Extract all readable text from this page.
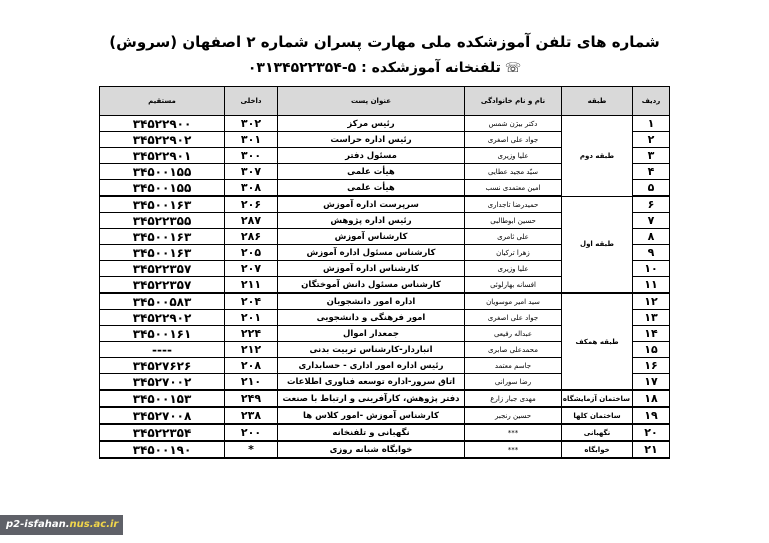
شماره های تلفن آموزشکده ملی مهارت پسران شماره ۲ اصفهان (سروش)
☏تلفنخانه آموزشکده : ۵-۰۳۱۳۴۵۲۲۳۵۴
ردیف	طبقه	نام و نام خانوادگی	عنوان پست	داخلی	مستقیم
۱	طبقه دوم	دکتر بیژن شمس	رئیس مرکز	۳۰۲	۳۴۵۲۲۹۰۰
۲		جواد علی اصغری	رئیس اداره حراست	۳۰۱	۳۴۵۲۲۹۰۲
۳		علیا وزیری	مسئول دفتر	۳۰۰	۳۴۵۲۲۹۰۱
۴		سیّد مجید عطایی	هیأت علمی	۳۰۷	۳۴۵۰۰۱۵۵
۵		امین معتمدی نسب	هیأت علمی	۳۰۸	۳۴۵۰۰۱۵۵
۶	طبقه اول	حمیدرضا تاجداری	سرپرست اداره آموزش	۲۰۶	۳۴۵۰۰۱۶۳
۷		حسین ابوطالبی	رئیس اداره پژوهش	۲۸۷	۳۴۵۲۲۳۵۵
۸		علی ثامری	کارشناس آموزش	۲۸۶	۳۴۵۰۰۱۶۳
۹		زهرا ترکیان	کارشناس مسئول اداره آموزش	۲۰۵	۳۴۵۰۰۱۶۳
۱۰		علیا وزیری	کارشناس اداره آموزش	۲۰۷	۳۴۵۲۲۳۵۷
۱۱		افسانه بهارلوئی	کارشناس مسئول دانش آموختگان	۲۱۱	۳۴۵۲۲۳۵۷
۱۲	طبقه همکف	سید امیر موسویان	اداره امور دانشجویان	۲۰۴	۳۴۵۰۰۵۸۳
۱۳		جواد علی اصغری	امور فرهنگی و دانشجویی	۲۰۱	۳۴۵۲۲۹۰۲
۱۴		عبداله رفیعی	جمعدار اموال	۲۲۴	۳۴۵۰۰۱۶۱
۱۵		محمدعلی صابری	انباردار-کارشناس تربیت بدنی	۲۱۲	----
۱۶		جاسم معتمد	رئیس اداره امور اداری - حسابداری	۲۰۸	۳۴۵۲۷۶۲۶
۱۷		رضا سورانی	اتاق سرور-اداره توسعه فناوری اطلاعات	۲۱۰	۳۴۵۲۷۰۰۲
۱۸	ساختمان آزمایشگاه	مهدی جبار زارع	دفتر پژوهش، کارآفرینی و ارتباط با صنعت	۲۴۹	۳۴۵۰۰۱۵۳
۱۹	ساختمان کلها	حسین رنجبر	کارشناس آموزش -امور کلاس ها	۲۳۸	۳۴۵۲۷۰۰۸
۲۰	نگهبانی	***	نگهبانی و تلفنخانه	۲۰۰	۳۴۵۲۲۳۵۴
۲۱	خوابگاه	***	خوابگاه شبانه روزی	*	۳۴۵۰۰۱۹۰
p2-isfahan.nus.ac.ir
